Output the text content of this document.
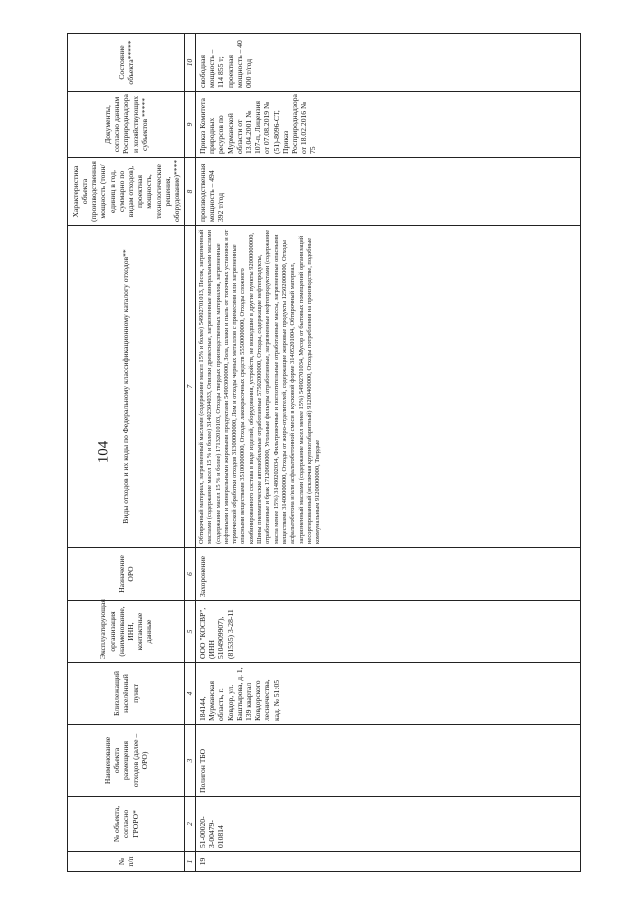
104
№ п/п	№ объекта, согласно ГРОРО*	Наименование объекта размещения отходов (далее – ОРО)	Близлежащий населённый пункт	Эксплуатирующая организация (наименование, ИНН, контактные данные	Назначение ОРО	Виды отходов и их коды по Федеральному классификационному каталогу отходов**	Характеристика объекта (производственная мощность (тонн/единиц в год, суммарно по видам отходов), проектная мощность, технологические решения, оборудование)****	Документы, согласно данным Росприроднадзора и хозяйствующих субъектов *****	Состояние объекта*****
1	2	3	4	5	6	7	8	9	10
19	51-00020-З-00479-010814	Полигон ТБО	184144, Мурманская область, г. Ковдор, ул. Баштырова, д. 1, 139 квартал Ковдорского лесничества, кад. № 51:05	ООО "КОСВР", (ИНН 5104909907), (81535) 3-28-11	Захоронение	Обтирочный материал, загрязненный маслами (содержание масел 15% и более) 54902701013, Песок, загрязненный маслами (содержание масел 15 % и более) 31402304033, Опилки древесные, загрязненные минеральными маслами (содержание масел 15 % и более) 17132010103, Отходы твердых производственных материалов, загрязненные нефтяными и минеральными жировыми продуктами 54903000000, Зола, шлаки и пыль от топочных установок и от термической обработки отходов 31300000000, Лом и отходы черных металлов с примесями или загрязненные опасными веществами 35100000000, Отходы лакокрасочных средств 55500000000, Отходы сложного комбинированного состава в виде изделий, оборудования, устройств, не вошедшие в другие пункты 92000000000, Шины пневматические автомобильные отработанные 57502000000, Отходы, содержащие нефтепродукты, отработанные и брак 17120600000, Угольные фильтры отработанные, загрязненные нефтепродуктами (содержание масла менее 15%) 31480202034, Фильтровочные и поглотительные отработанные массы, загрязненные опасными веществами 31400000000, Отходы от жиро-отделителей, содержащие жировые продукты 12502000000, Отходы асфальтобетона и/или асфальтобетонной смеси в кусковой форме 31405201004, Обтирочный материал, загрязненный маслами (содержание масел менее 15%) 54902701034, Мусор от бытовых помещений организаций несортированный (исключая крупногабаритный) 91200400000, Отходы потребления на производстве, подобные коммунальным 91200000000, Твердые	производственная мощность – 494 392 т/год	Приказ Комитета природных ресурсов по Мурманской области от 13.04.2001 № 107-п, Лицензия от 07.08.2019 № (51)-8096-СТ, Приказ Росприроднадзора от 18.02.2016 № 75	свободная мощность – 114 855 т; проектная мощность – 40 000 т/год
